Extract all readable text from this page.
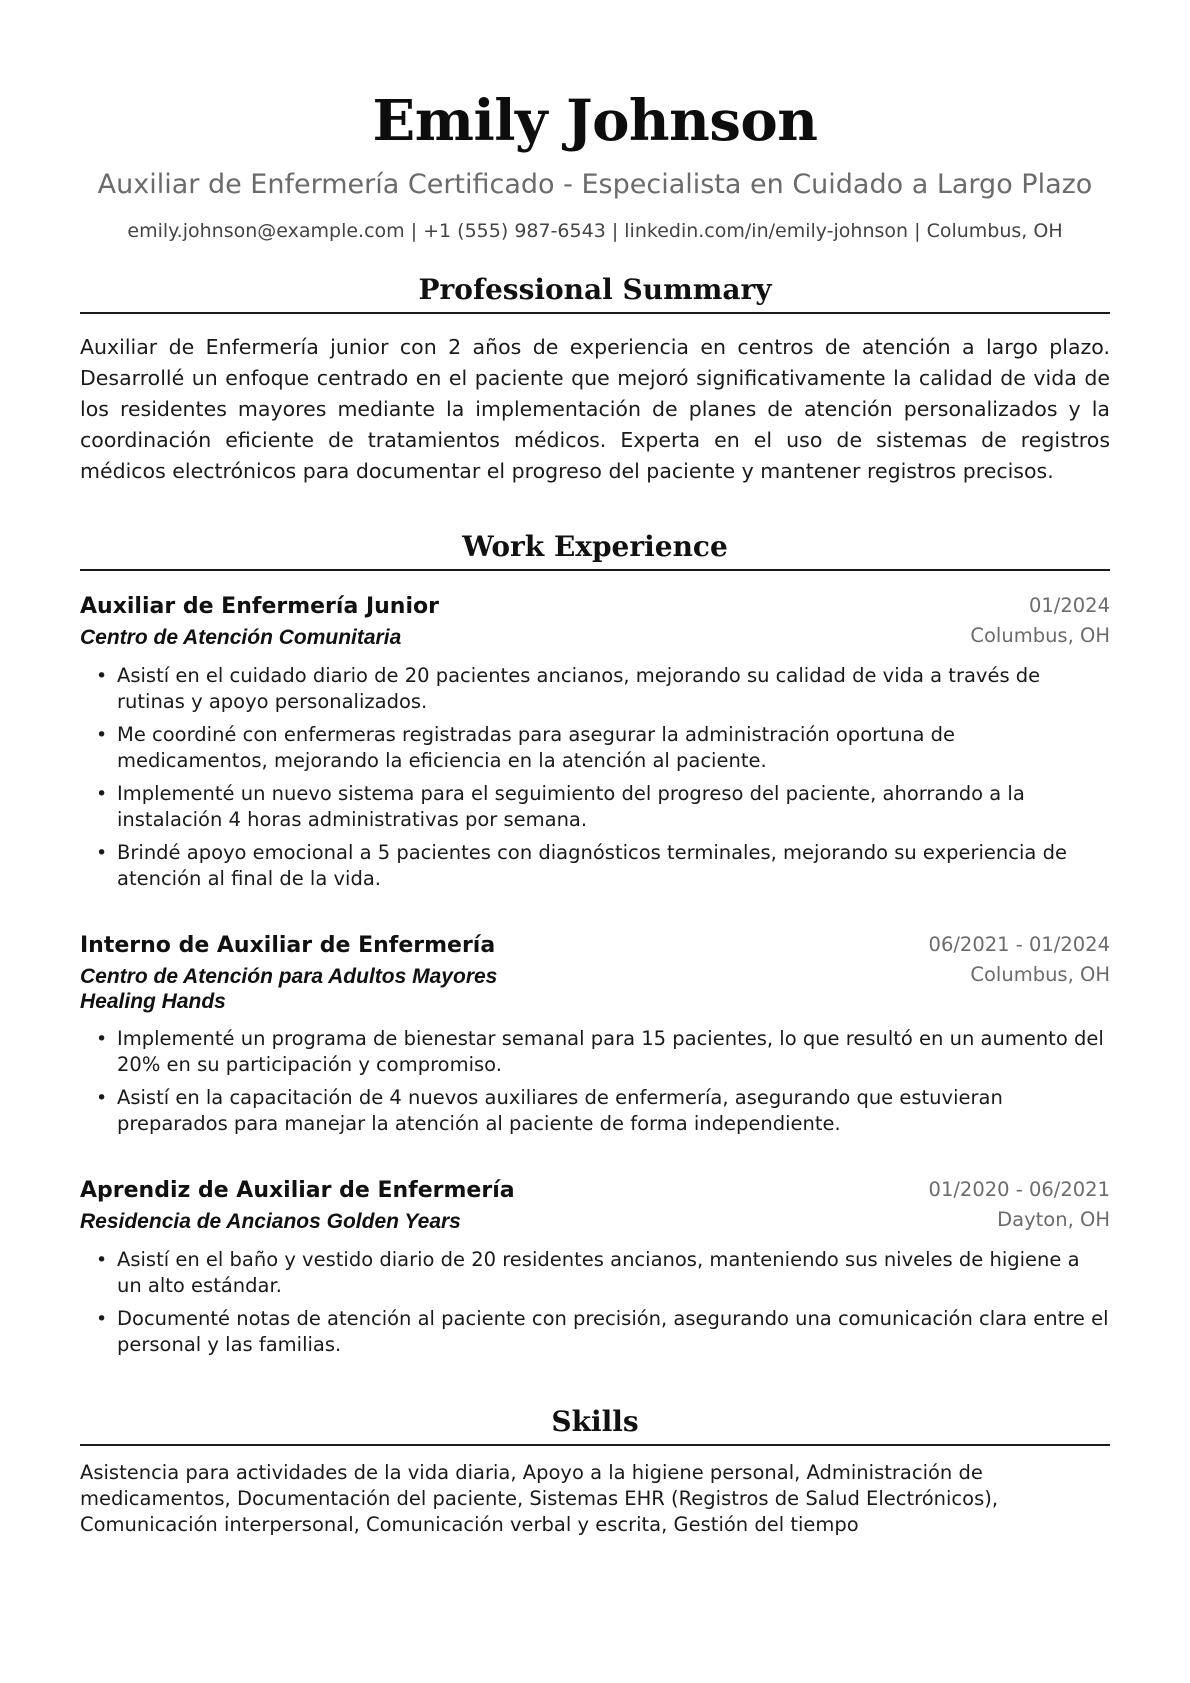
Emily Johnson
Auxiliar de Enfermería Certificado - Especialista en Cuidado a Largo Plazo
emily.johnson@example.com | +1 (555) 987-6543 | linkedin.com/in/emily-johnson | Columbus, OH
Professional Summary

Auxiliar de Enfermería junior con 2 años de experiencia en centros de atención a largo plazo. Desarrollé un enfoque centrado en el paciente que mejoró significativamente la calidad de vida de los residentes mayores mediante la implementación de planes de atención personalizados y la coordinación eficiente de tratamientos médicos. Experta en el uso de sistemas de registros médicos electrónicos para documentar el progreso del paciente y mantener registros precisos.

Work Experience
Auxiliar de Enfermería Junior	01/2024
Centro de Atención Comunitaria	Columbus, OH
• Asistí en el cuidado diario de 20 pacientes ancianos, mejorando su calidad de vida a través de rutinas y apoyo personalizados.
• Me coordiné con enfermeras registradas para asegurar la administración oportuna de medicamentos, mejorando la eficiencia en la atención al paciente.
• Implementé un nuevo sistema para el seguimiento del progreso del paciente, ahorrando a la instalación 4 horas administrativas por semana.
• Brindé apoyo emocional a 5 pacientes con diagnósticos terminales, mejorando su experiencia de atención al final de la vida.
Interno de Auxiliar de Enfermería	06/2021 - 01/2024
Centro de Atención para Adultos Mayores Healing Hands
Columbus, OH
• Implementé un programa de bienestar semanal para 15 pacientes, lo que resultó en un aumento del 20% en su participación y compromiso.
• Asistí en la capacitación de 4 nuevos auxiliares de enfermería, asegurando que estuvieran preparados para manejar la atención al paciente de forma independiente.
Aprendiz de Auxiliar de Enfermería	01/2020 - 06/2021
Residencia de Ancianos Golden Years	Dayton, OH
• Asistí en el baño y vestido diario de 20 residentes ancianos, manteniendo sus niveles de higiene a un alto estándar.
• Documenté notas de atención al paciente con precisión, asegurando una comunicación clara entre el personal y las familias.
Skills

Asistencia para actividades de la vida diaria, Apoyo a la higiene personal, Administración de medicamentos, Documentación del paciente, Sistemas EHR (Registros de Salud Electrónicos), Comunicación interpersonal, Comunicación verbal y escrita, Gestión del tiempo
